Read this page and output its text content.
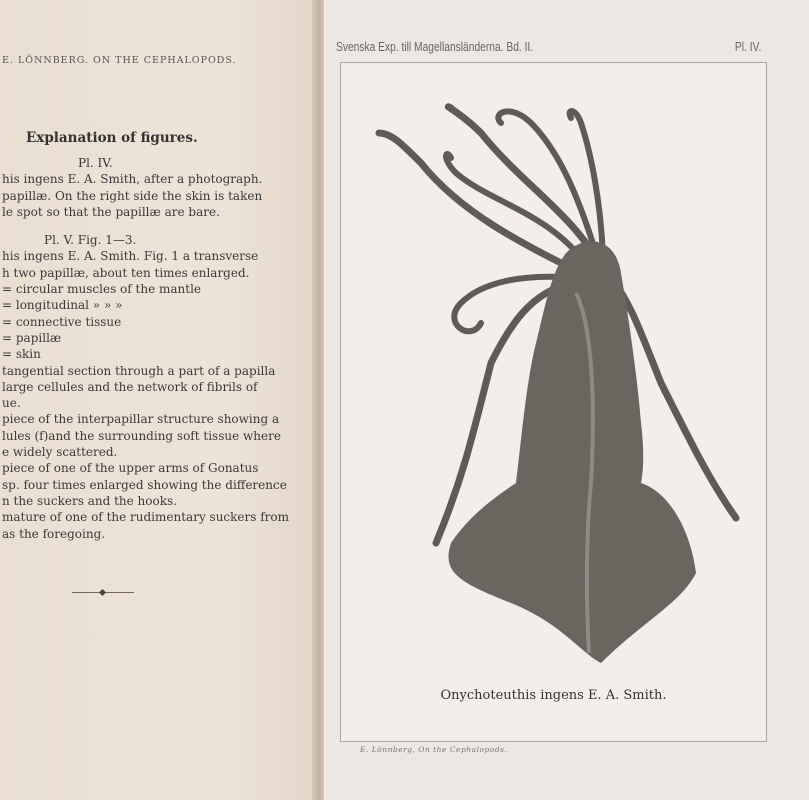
E. LÖNNBERG. ON THE CEPHALOPODS.
Explanation of figures.
Pl. IV.
his ingens E. A. Smith, after a photograph.
papillæ. On the right side the skin is taken
le spot so that the papillæ are bare.
Pl. V. Fig. 1—3.
his ingens E. A. Smith. Fig. 1 a transverse
h two papillæ, about ten times enlarged.
= circular muscles of the mantle
= longitudinal » » »
= connective tissue
= papillæ
= skin
tangential section through a part of a papilla
large cellules and the network of fibrils of
ue.
piece of the interpapillar structure showing a
lules (f)and the surrounding soft tissue where
e widely scattered.
piece of one of the upper arms of Gonatus
sp. four times enlarged showing the difference
n the suckers and the hooks.
mature of one of the rudimentary suckers from
as the foregoing.
Svenska Exp. till Magellansländerna. Bd. II.	Pl. IV.
Onychoteuthis ingens E. A. Smith.
E. Lönnberg, On the Cephalopods.
